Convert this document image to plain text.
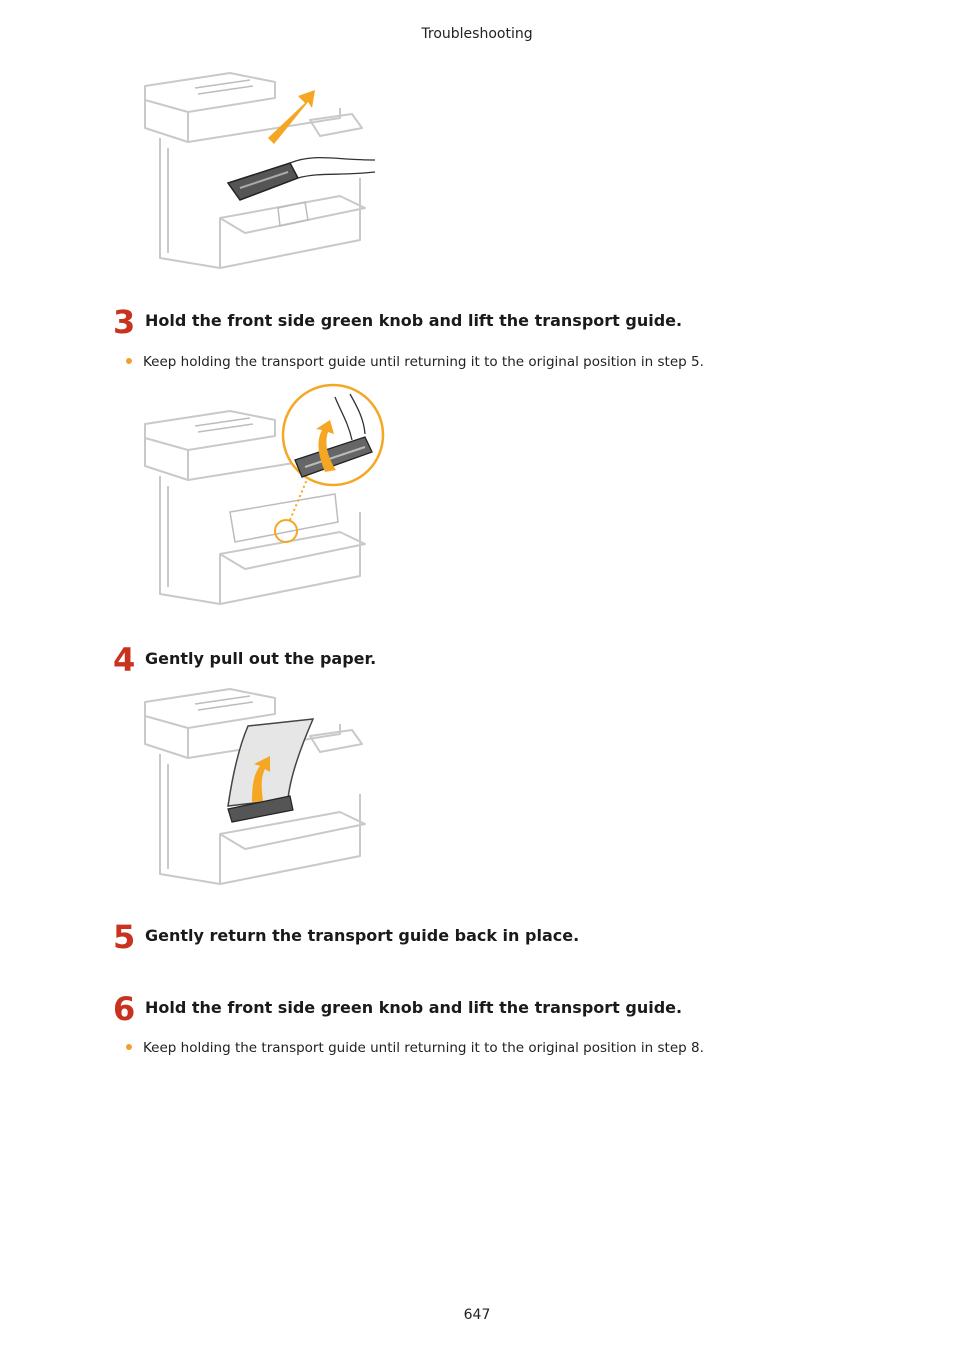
Troubleshooting
3 Hold the front side green knob and lift the transport guide.
Keep holding the transport guide until returning it to the original position in step 5.
4 Gently pull out the paper.
5 Gently return the transport guide back in place.
6 Hold the front side green knob and lift the transport guide.
Keep holding the transport guide until returning it to the original position in step 8.
647
